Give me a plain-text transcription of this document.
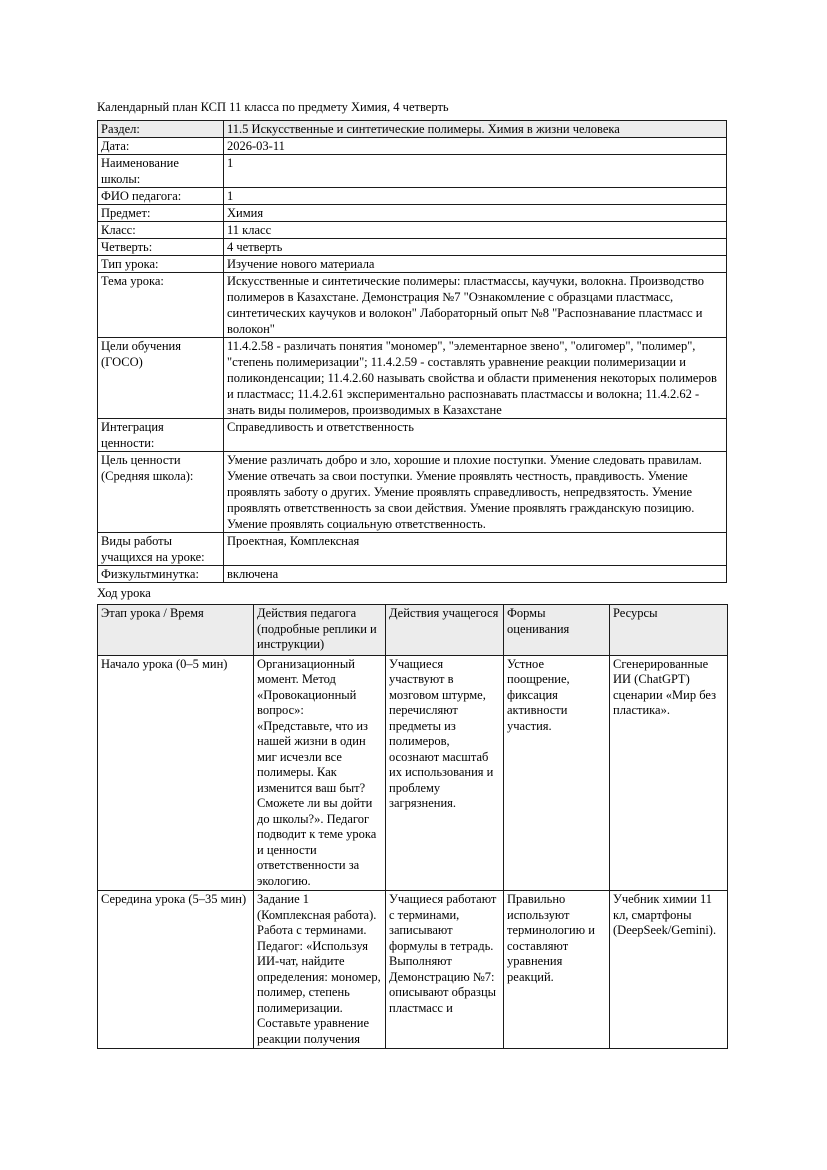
Календарный план КСП 11 класса по предмету Химия, 4 четверть
Раздел:	11.5 Искусственные и синтетические полимеры. Химия в жизни человека
Дата:	2026-03-11
Наименование школы:	1
ФИО педагога:	1
Предмет:	Химия
Класс:	11 класс
Четверть:	4 четверть
Тип урока:	Изучение нового материала
Тема урока:	Искусственные и синтетические полимеры: пластмассы, каучуки, волокна. Производство полимеров в Казахстане. Демонстрация №7 "Ознакомление с образцами пластмасс, синтетических каучуков и волокон" Лабораторный опыт №8 "Распознавание пластмасс и волокон"
Цели обучения (ГОСО)	11.4.2.58 - различать понятия "мономер", "элементарное звено", "олигомер", "полимер", "степень полимеризации"; 11.4.2.59 - составлять уравнение реакции полимеризации и поликонденсации; 11.4.2.60 называть свойства и области применения некоторых полимеров и пластмасс; 11.4.2.61 экспериментально распознавать пластмассы и волокна; 11.4.2.62 - знать виды полимеров, производимых в Казахстане
Интеграция ценности:	Справедливость и ответственность
Цель ценности (Средняя школа):	Умение различать добро и зло, хорошие и плохие поступки. Умение следовать правилам. Умение отвечать за свои поступки. Умение проявлять честность, правдивость. Умение проявлять заботу о других. Умение проявлять справедливость, непредвзятость. Умение проявлять ответственность за свои действия. Умение проявлять гражданскую позицию. Умение проявлять социальную ответственность.
Виды работы учащихся на уроке:	Проектная, Комплексная
Физкультминутка:	включена
Ход урока
Этап урока / Время	Действия педагога (подробные реплики и инструкции)	Действия учащегося	Формы оценивания	Ресурсы

Начало урока (0–5 мин)	Организационный момент. Метод «Провокационный вопрос»: «Представьте, что из нашей жизни в один миг исчезли все полимеры. Как изменится ваш быт? Сможете ли вы дойти до школы?». Педагог подводит к теме урока и ценности ответственности за экологию.	Учащиеся участвуют в мозговом штурме, перечисляют предметы из полимеров, осознают масштаб их использования и проблему загрязнения.	Устное поощрение, фиксация активности участия.	Сгенерированные ИИ (ChatGPT) сценарии «Мир без пластика».

Середина урока (5–35 мин)	Задание 1 (Комплексная работа). Работа с терминами. Педагог: «Используя ИИ-чат, найдите определения: мономер, полимер, степень полимеризации. Составьте уравнение реакции получения	Учащиеся работают с терминами, записывают формулы в тетрадь. Выполняют Демонстрацию №7: описывают образцы пластмасс и	Правильно используют терминологию и составляют уравнения реакций.	Учебник химии 11 кл, смартфоны (DeepSeek/Gemini).
